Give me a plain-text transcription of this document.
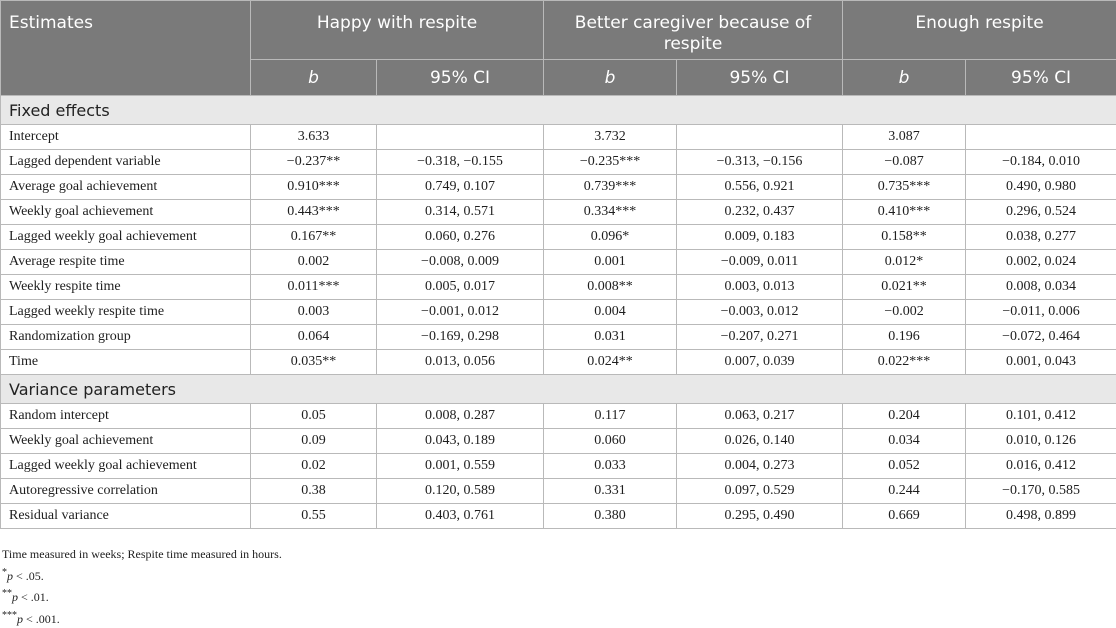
Estimates	Happy with respite		Better caregiver because of respite		Enough respite	
	b	95% CI	b	95% CI	b	95% CI
Fixed effects						
Intercept	3.633		3.732		3.087	
Lagged dependent variable	−0.237**	−0.318, −0.155	−0.235***	−0.313, −0.156	−0.087	−0.184, 0.010
Average goal achievement	0.910***	0.749, 0.107	0.739***	0.556, 0.921	0.735***	0.490, 0.980
Weekly goal achievement	0.443***	0.314, 0.571	0.334***	0.232, 0.437	0.410***	0.296, 0.524
Lagged weekly goal achievement	0.167**	0.060, 0.276	0.096*	0.009, 0.183	0.158**	0.038, 0.277
Average respite time	0.002	−0.008, 0.009	0.001	−0.009, 0.011	0.012*	0.002, 0.024
Weekly respite time	0.011***	0.005, 0.017	0.008**	0.003, 0.013	0.021**	0.008, 0.034
Lagged weekly respite time	0.003	−0.001, 0.012	0.004	−0.003, 0.012	−0.002	−0.011, 0.006
Randomization group	0.064	−0.169, 0.298	0.031	−0.207, 0.271	0.196	−0.072, 0.464
Time	0.035**	0.013, 0.056	0.024**	0.007, 0.039	0.022***	0.001, 0.043
Variance parameters						
Random intercept	0.05	0.008, 0.287	0.117	0.063, 0.217	0.204	0.101, 0.412
Weekly goal achievement	0.09	0.043, 0.189	0.060	0.026, 0.140	0.034	0.010, 0.126
Lagged weekly goal achievement	0.02	0.001, 0.559	0.033	0.004, 0.273	0.052	0.016, 0.412
Autoregressive correlation	0.38	0.120, 0.589	0.331	0.097, 0.529	0.244	−0.170, 0.585
Residual variance	0.55	0.403, 0.761	0.380	0.295, 0.490	0.669	0.498, 0.899
Time measured in weeks; Respite time measured in hours.
*p < .05.
**p < .01.
***p < .001.
